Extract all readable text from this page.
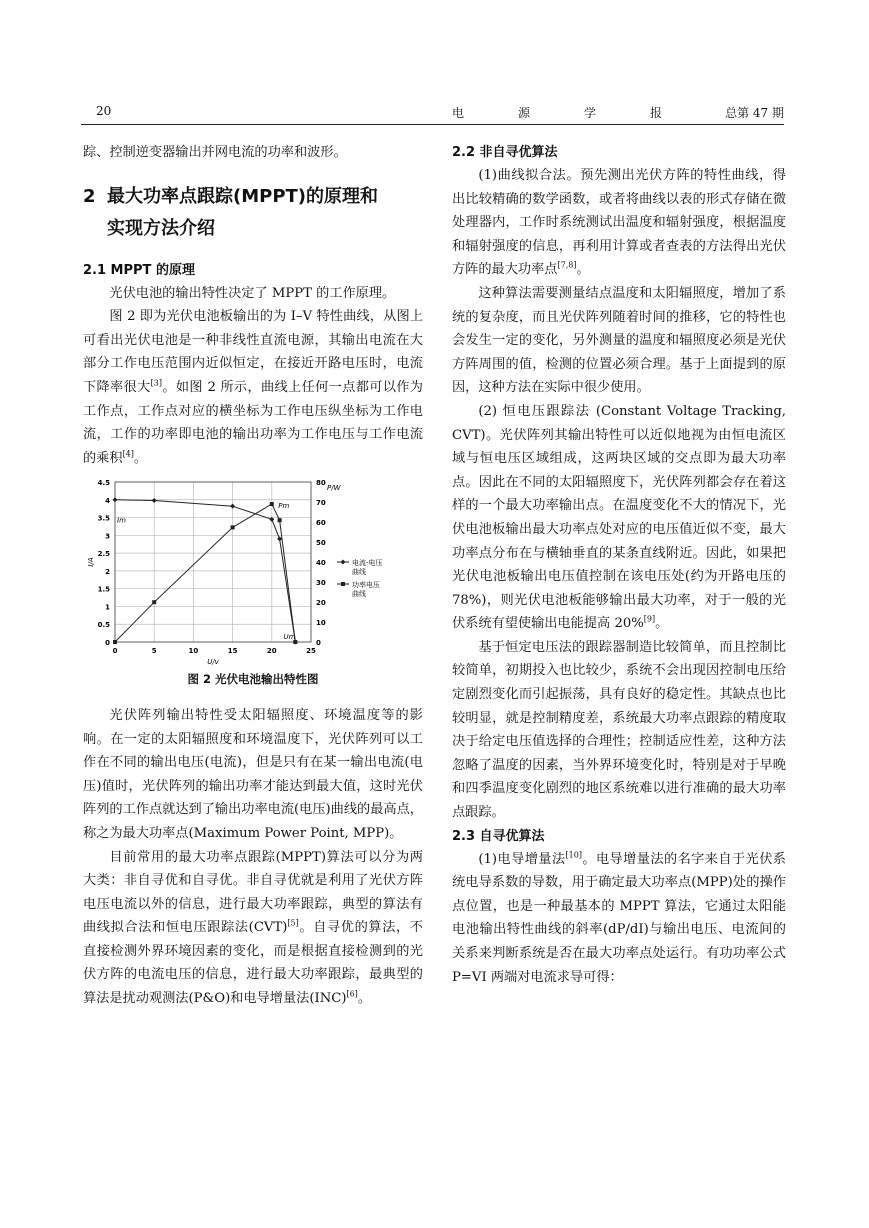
20	电源学报 总第 47 期

踪、控制逆变器输出并网电流的功率和波形。

2 最大功率点跟踪(MPPT)的原理和
实现方法介绍
2.1 MPPT 的原理

光伏电池的输出特性决定了 MPPT 的工作原理。

图 2 即为光伏电池板输出的为 I–V 特性曲线，从图上可看出光伏电池是一种非线性直流电源，其输出电流在大部分工作电压范围内近似恒定，在接近开路电压时，电流下降率很大[3]。如图 2 所示，曲线上任何一点都可以作为工作点，工作点对应的横坐标为工作电压纵坐标为工作电流，工作的功率即电池的输出功率为工作电压与工作电流的乘积[4]。

0
0.5
1
1.5
2
2.5
3
3.5
4
4.5
0
10
20
30
40
50
60
70
80
0	5	10	15	20	25
U/v
I/A
P/W
Pm
Im
Um
电流-电压
曲线
功率电压
曲线
图 2 光伏电池输出特性图

光伏阵列输出特性受太阳辐照度、环境温度等的影响。在一定的太阳辐照度和环境温度下，光伏阵列可以工作在不同的输出电压(电流)，但是只有在某一输出电流(电压)值时，光伏阵列的输出功率才能达到最大值，这时光伏阵列的工作点就达到了输出功率电流(电压)曲线的最高点，称之为最大功率点(Maximum Power Point, MPP)。

目前常用的最大功率点跟踪(MPPT)算法可以分为两大类：非自寻优和自寻优。非自寻优就是利用了光伏方阵电压电流以外的信息，进行最大功率跟踪，典型的算法有曲线拟合法和恒电压跟踪法(CVT)[5]。自寻优的算法，不直接检测外界环境因素的变化，而是根据直接检测到的光伏方阵的电流电压的信息，进行最大功率跟踪，最典型的算法是扰动观测法(P&O)和电导增量法(INC)[6]。

2.2 非自寻优算法

(1)曲线拟合法。预先测出光伏方阵的特性曲线，得出比较精确的数学函数，或者将曲线以表的形式存储在微处理器内，工作时系统测试出温度和辐射强度，根据温度和辐射强度的信息，再利用计算或者查表的方法得出光伏方阵的最大功率点[7,8]。

这种算法需要测量结点温度和太阳辐照度，增加了系统的复杂度，而且光伏阵列随着时间的推移，它的特性也会发生一定的变化，另外测量的温度和辐照度必须是光伏方阵周围的值，检测的位置必须合理。基于上面提到的原因，这种方法在实际中很少使用。

(2) 恒电压跟踪法 (Constant Voltage Tracking, CVT)。光伏阵列其输出特性可以近似地视为由恒电流区域与恒电压区域组成，这两块区域的交点即为最大功率点。因此在不同的太阳辐照度下，光伏阵列都会存在着这样的一个最大功率输出点。在温度变化不大的情况下，光伏电池板输出最大功率点处对应的电压值近似不变，最大功率点分布在与横轴垂直的某条直线附近。因此，如果把光伏电池板输出电压值控制在该电压处(约为开路电压的 78%)，则光伏电池板能够输出最大功率，对于一般的光伏系统有望使输出电能提高 20%[9]。

基于恒定电压法的跟踪器制造比较简单，而且控制比较简单，初期投入也比较少，系统不会出现因控制电压给定剧烈变化而引起振荡，具有良好的稳定性。其缺点也比较明显，就是控制精度差，系统最大功率点跟踪的精度取决于给定电压值选择的合理性；控制适应性差，这种方法忽略了温度的因素，当外界环境变化时，特别是对于早晚和四季温度变化剧烈的地区系统难以进行准确的最大功率点跟踪。

2.3 自寻优算法

(1)电导增量法[10]。电导增量法的名字来自于光伏系统电导系数的导数，用于确定最大功率点(MPP)处的操作点位置，也是一种最基本的 MPPT 算法，它通过太阳能电池输出特性曲线的斜率(dP/dI)与输出电压、电流间的关系来判断系统是否在最大功率点处运行。有功功率公式 P=VI 两端对电流求导可得：
